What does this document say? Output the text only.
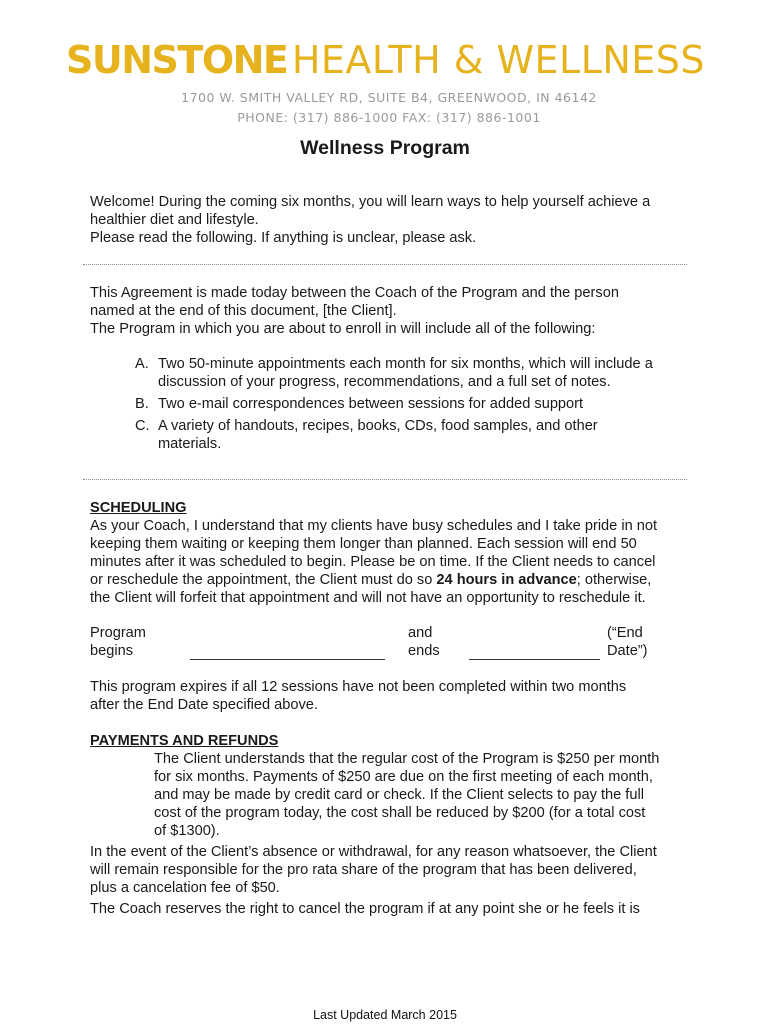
SUNSTONE HEALTH & WELLNESS
1700 W. SMITH VALLEY RD, SUITE B4, GREENWOOD, IN 46142
PHONE: (317) 886-1000 FAX: (317) 886-1001
Wellness Program
Welcome! During the coming six months, you will learn ways to help yourself achieve a
healthier diet and lifestyle.
Please read the following. If anything is unclear, please ask.
This Agreement is made today between the Coach of the Program and the person
named at the end of this document, [the Client].
The Program in which you are about to enroll in will include all of the following:
A. Two 50-minute appointments each month for six months, which will include a
discussion of your progress, recommendations, and a full set of notes.
B. Two e-mail correspondences between sessions for added support
C. A variety of handouts, recipes, books, CDs, food samples, and other
materials.
SCHEDULING
As your Coach, I understand that my clients have busy schedules and I take pride in not
keeping them waiting or keeping them longer than planned. Each session will end 50
minutes after it was scheduled to begin. Please be on time. If the Client needs to cancel
or reschedule the appointment, the Client must do so 24 hours in advance; otherwise,
the Client will forfeit that appointment and will not have an opportunity to reschedule it.
Program
begins
and
ends
(“End
Date”)
This program expires if all 12 sessions have not been completed within two months
after the End Date specified above.
PAYMENTS AND REFUNDS
The Client understands that the regular cost of the Program is $250 per month
for six months. Payments of $250 are due on the first meeting of each month,
and may be made by credit card or check. If the Client selects to pay the full
cost of the program today, the cost shall be reduced by $200 (for a total cost
of $1300).
In the event of the Client’s absence or withdrawal, for any reason whatsoever, the Client
will remain responsible for the pro rata share of the program that has been delivered,
plus a cancelation fee of $50.
The Coach reserves the right to cancel the program if at any point she or he feels it is
Last Updated March 2015
